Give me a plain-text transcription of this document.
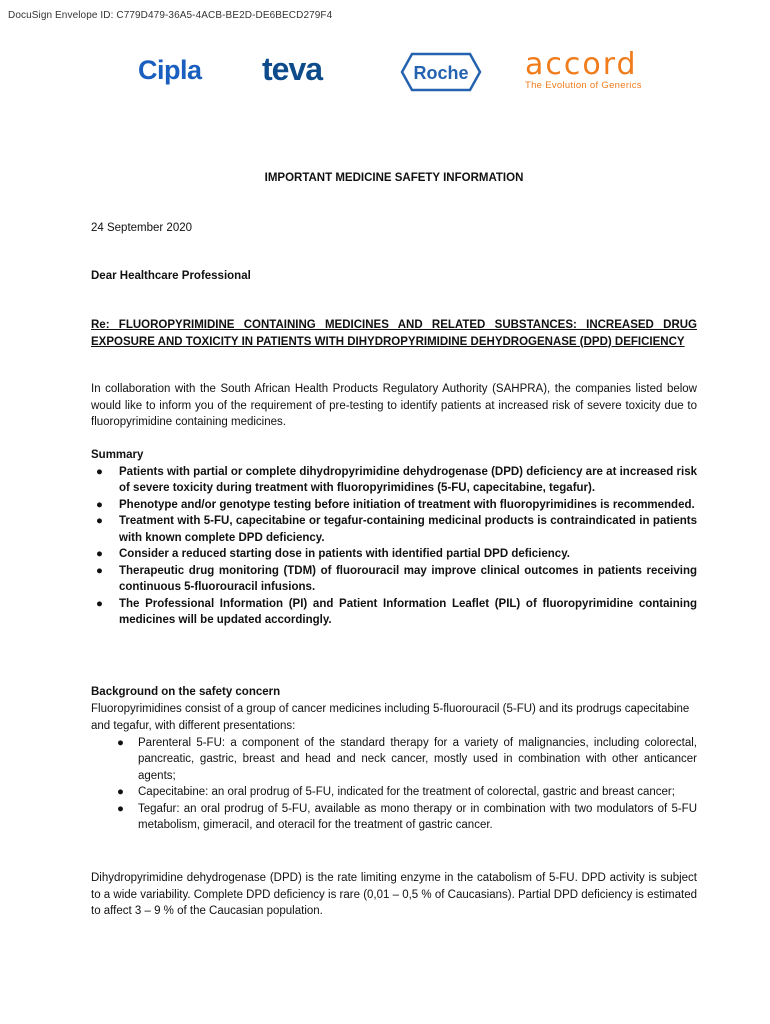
DocuSign Envelope ID: C779D479-36A5-4ACB-BE2D-DE6BECD279F4
Cipla teva	Roche accord
The Evolution of Generics
IMPORTANT MEDICINE SAFETY INFORMATION
24 September 2020
Dear Healthcare Professional
Re: FLUOROPYRIMIDINE CONTAINING MEDICINES AND RELATED SUBSTANCES: INCREASED DRUG EXPOSURE AND TOXICITY IN PATIENTS WITH DIHYDROPYRIMIDINE DEHYDROGENASE (DPD) DEFICIENCY
In collaboration with the South African Health Products Regulatory Authority (SAHPRA), the companies listed below would like to inform you of the requirement of pre-testing to identify patients at increased risk of severe toxicity due to fluoropyrimidine containing medicines.
Summary
● Patients with partial or complete dihydropyrimidine dehydrogenase (DPD) deficiency are at increased risk of severe toxicity during treatment with fluoropyrimidines (5-FU, capecitabine, tegafur).
● Phenotype and/or genotype testing before initiation of treatment with fluoropyrimidines is recommended.
● Treatment with 5-FU, capecitabine or tegafur-containing medicinal products is contraindicated in patients with known complete DPD deficiency.
● Consider a reduced starting dose in patients with identified partial DPD deficiency.
● Therapeutic drug monitoring (TDM) of fluorouracil may improve clinical outcomes in patients receiving continuous 5-fluorouracil infusions.
● The Professional Information (PI) and Patient Information Leaflet (PIL) of fluoropyrimidine containing medicines will be updated accordingly.
Background on the safety concern
Fluoropyrimidines consist of a group of cancer medicines including 5-fluorouracil (5-FU) and its prodrugs capecitabine and tegafur, with different presentations:
● Parenteral 5-FU: a component of the standard therapy for a variety of malignancies, including colorectal, pancreatic, gastric, breast and head and neck cancer, mostly used in combination with other anticancer agents;
● Capecitabine: an oral prodrug of 5-FU, indicated for the treatment of colorectal, gastric and breast cancer;
● Tegafur: an oral prodrug of 5-FU, available as mono therapy or in combination with two modulators of 5-FU metabolism, gimeracil, and oteracil for the treatment of gastric cancer.
Dihydropyrimidine dehydrogenase (DPD) is the rate limiting enzyme in the catabolism of 5-FU. DPD activity is subject to a wide variability. Complete DPD deficiency is rare (0,01 – 0,5 % of Caucasians). Partial DPD deficiency is estimated to affect 3 – 9 % of the Caucasian population.
